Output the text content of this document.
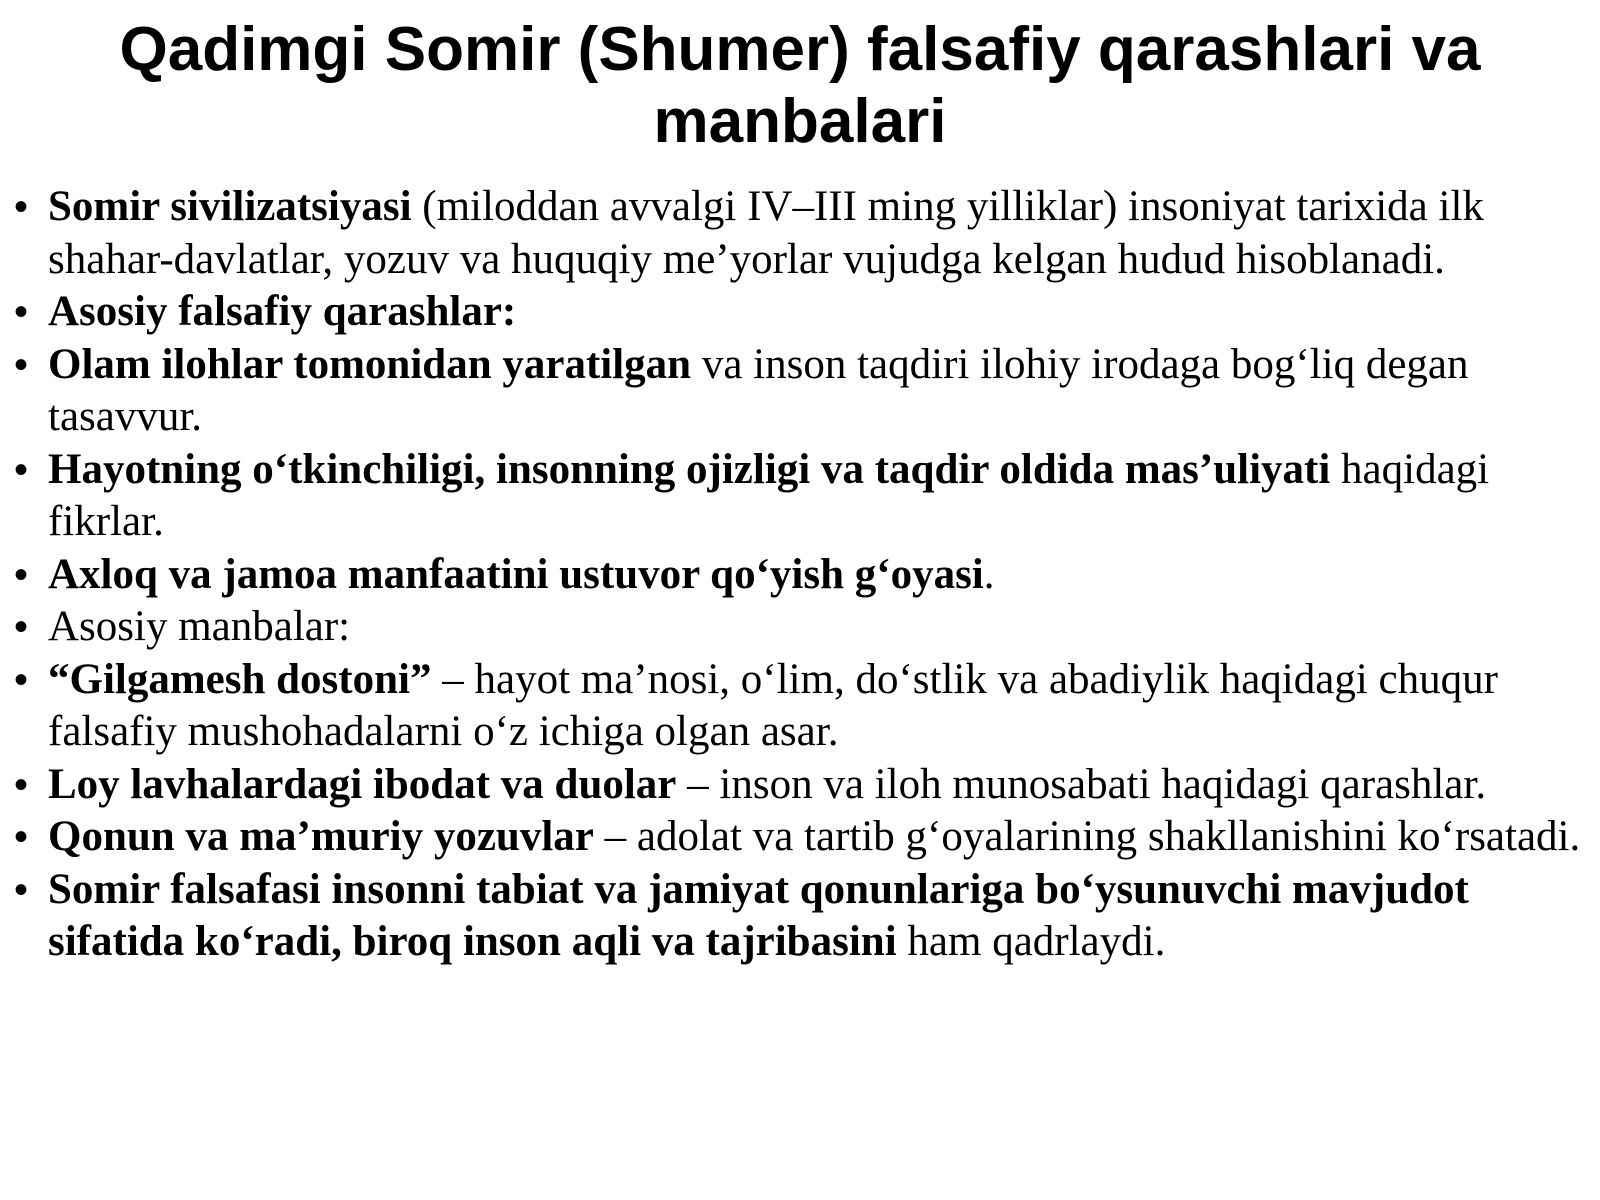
Qadimgi Somir (Shumer) falsafiy qarashlari va manbalari
• Somir sivilizatsiyasi (miloddan avvalgi IV–III ming yilliklar) insoniyat tarixida ilk shahar-davlatlar, yozuv va huquqiy me’yorlar vujudga kelgan hudud hisoblanadi.
• Asosiy falsafiy qarashlar:
• Olam ilohlar tomonidan yaratilgan va inson taqdiri ilohiy irodaga bog‘liq degan tasavvur.
• Hayotning o‘tkinchiligi, insonning ojizligi va taqdir oldida mas’uliyati haqidagi fikrlar.
• Axloq va jamoa manfaatini ustuvor qo‘yish g‘oyasi.
• Asosiy manbalar:
• “Gilgamesh dostoni” – hayot ma’nosi, o‘lim, do‘stlik va abadiylik haqidagi chuqur falsafiy mushohadalarni o‘z ichiga olgan asar.
• Loy lavhalardagi ibodat va duolar – inson va iloh munosabati haqidagi qarashlar.
• Qonun va ma’muriy yozuvlar – adolat va tartib g‘oyalarining shakllanishini ko‘rsatadi.
• Somir falsafasi insonni tabiat va jamiyat qonunlariga bo‘ysunuvchi mavjudot sifatida ko‘radi, biroq inson aqli va tajribasini ham qadrlaydi.
